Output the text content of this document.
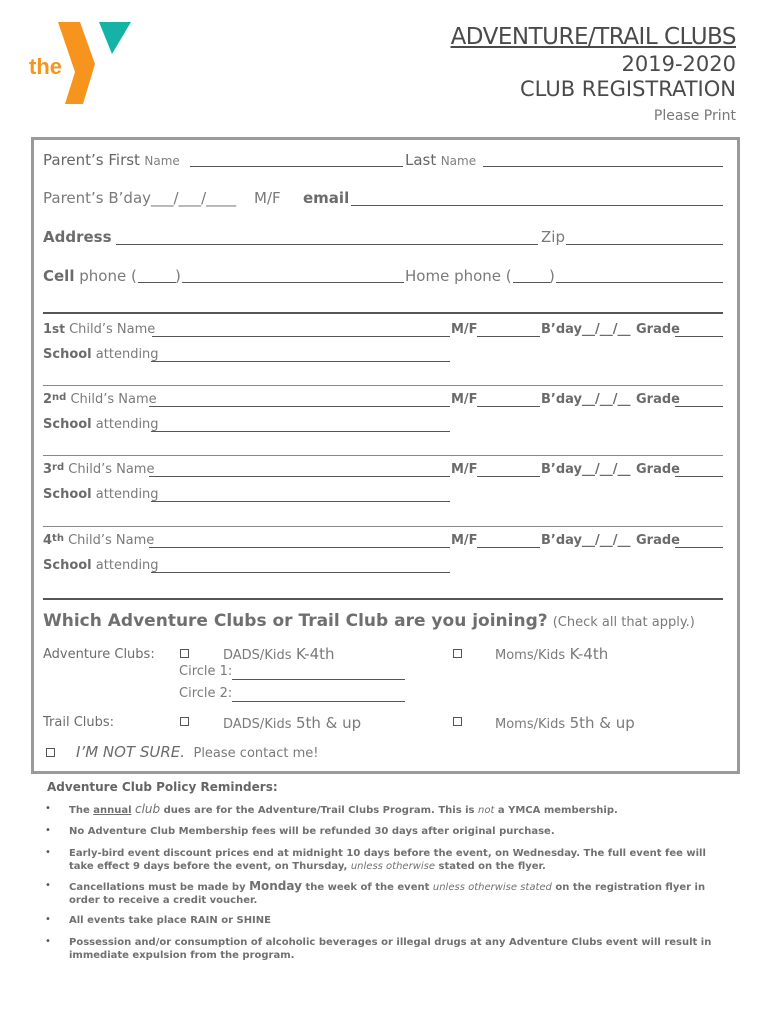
the
YMCA
ADVENTURE/TRAIL CLUBS
2019-2020
CLUB REGISTRATION
Please Print
Parent’s First Name	Last Name
Parent’s B’day___/___/____ M/F email
Address	Zip
Cell phone (	)	Home phone ( )
1st Child’s Name	M/F	B’day__/__/__ Grade
School attending
2nd Child’s Name	M/F	B’day__/__/__ Grade
School attending
3rd Child’s Name	M/F	B’day__/__/__ Grade
School attending
4th Child’s Name	M/F	B’day__/__/__ Grade
School attending
Which Adventure Clubs or Trail Club are you joining? (Check all that apply.)
Adventure Clubs:	DADS/Kids K-4th	Moms/Kids K-4th
Circle 1:
Circle 2:
Trail Clubs:	DADS/Kids 5th & up	Moms/Kids 5th & up
I’M NOT SURE. Please contact me!
Adventure Club Policy Reminders:
• The annual club dues are for the Adventure/Trail Clubs Program. This is not a YMCA membership.
• No Adventure Club Membership fees will be refunded 30 days after original purchase.
• Early-bird event discount prices end at midnight 10 days before the event, on Wednesday. The full event fee will take effect 9 days before the event, on Thursday, unless otherwise stated on the flyer.
• Cancellations must be made by Monday the week of the event unless otherwise stated on the registration flyer in order to receive a credit voucher.
• All events take place RAIN or SHINE
• Possession and/or consumption of alcoholic beverages or illegal drugs at any Adventure Clubs event will result in immediate expulsion from the program.
